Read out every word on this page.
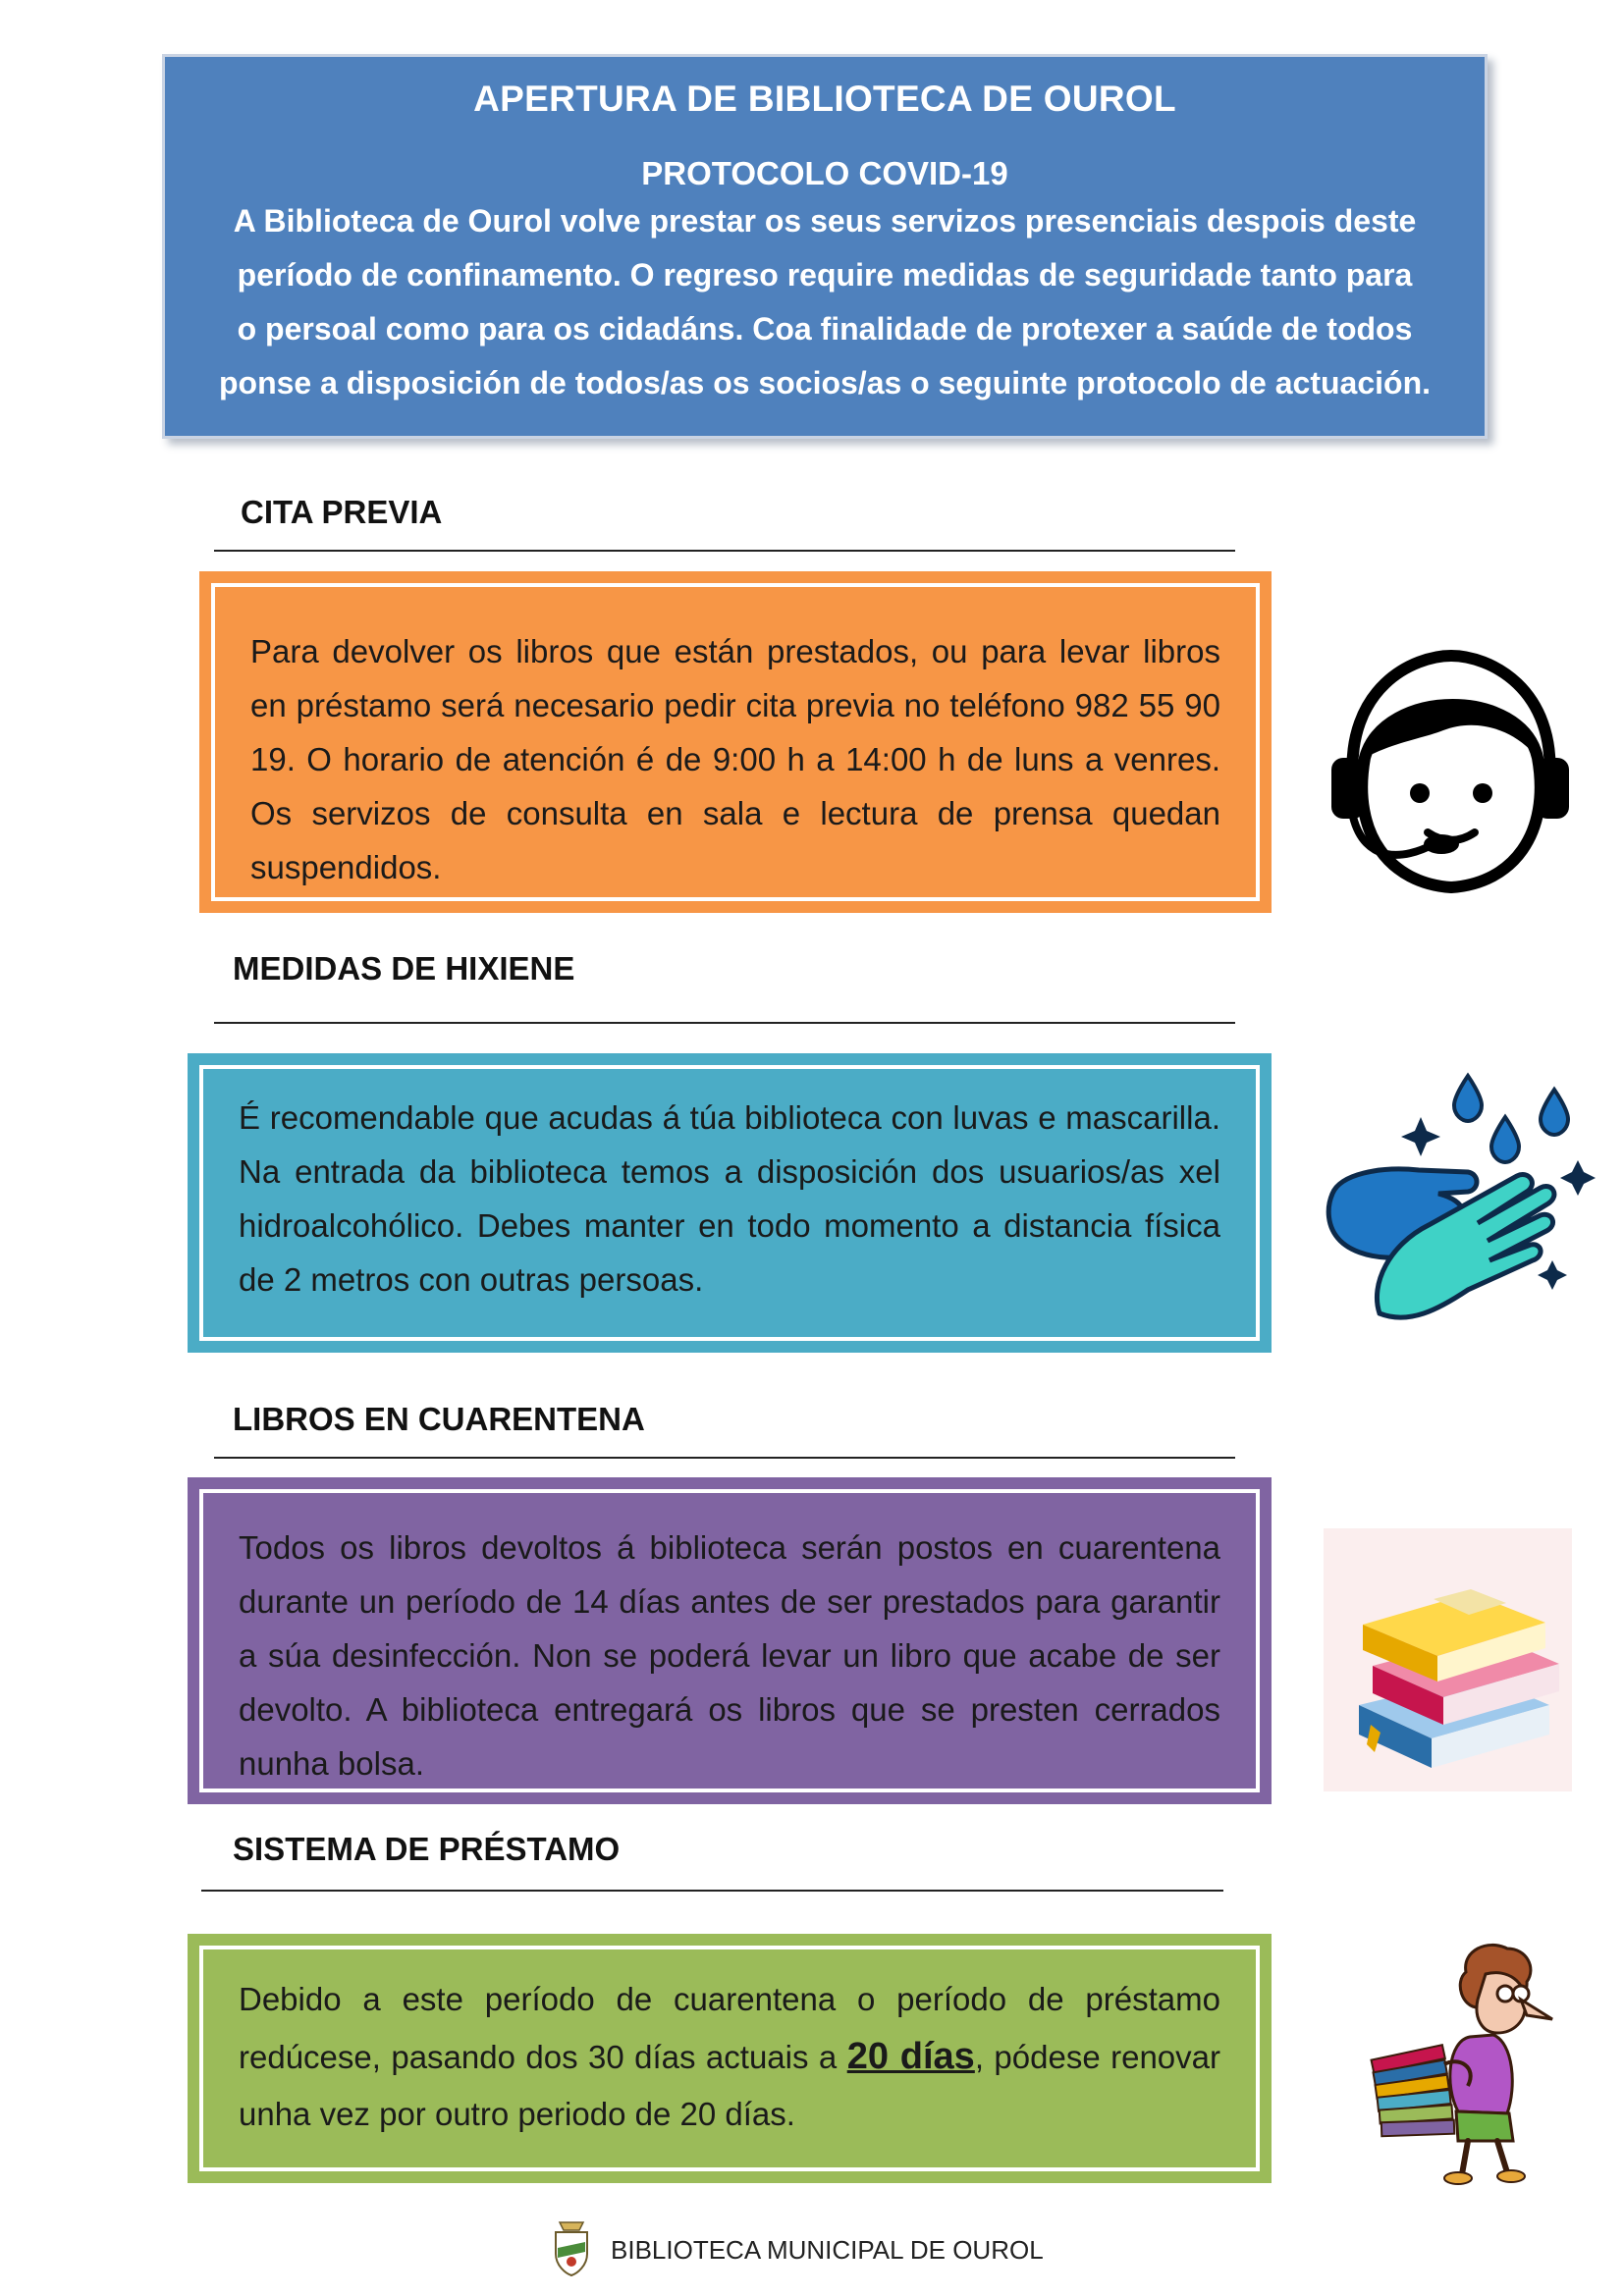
APERTURA DE BIBLIOTECA DE OUROL
PROTOCOLO COVID-19
A Biblioteca de Ourol volve prestar os seus servizos presenciais despois deste
período de confinamento. O regreso require medidas de seguridade tanto para
o persoal como para os cidadáns. Coa finalidade de protexer a saúde de todos
ponse a disposición de todos/as os socios/as o seguinte protocolo de actuación.
CITA PREVIA
Para devolver os libros que están prestados, ou para levar libros en préstamo será necesario pedir cita previa no teléfono 982 55 90 19. O horario de atención é de 9:00 h a 14:00 h de luns a venres. Os servizos de consulta en sala e lectura de prensa quedan suspendidos.
MEDIDAS DE HIXIENE
É recomendable que acudas á túa biblioteca con luvas e mascarilla. Na entrada da biblioteca temos a disposición dos usuarios/as xel hidroalcohólico. Debes manter en todo momento a distancia física de 2 metros con outras persoas.
LIBROS EN CUARENTENA
Todos os libros devoltos á biblioteca serán postos en cuarentena durante un período de 14 días antes de ser prestados para garantir a súa desinfección. Non se poderá levar un libro que acabe de ser devolto. A biblioteca entregará os libros que se presten cerrados nunha bolsa.
SISTEMA DE PRÉSTAMO
Debido a este período de cuarentena o período de préstamo redúcese, pasando dos 30 días actuais a 20 días, pódese renovar unha vez por outro periodo de 20 días.
BIBLIOTECA MUNICIPAL DE OUROL
